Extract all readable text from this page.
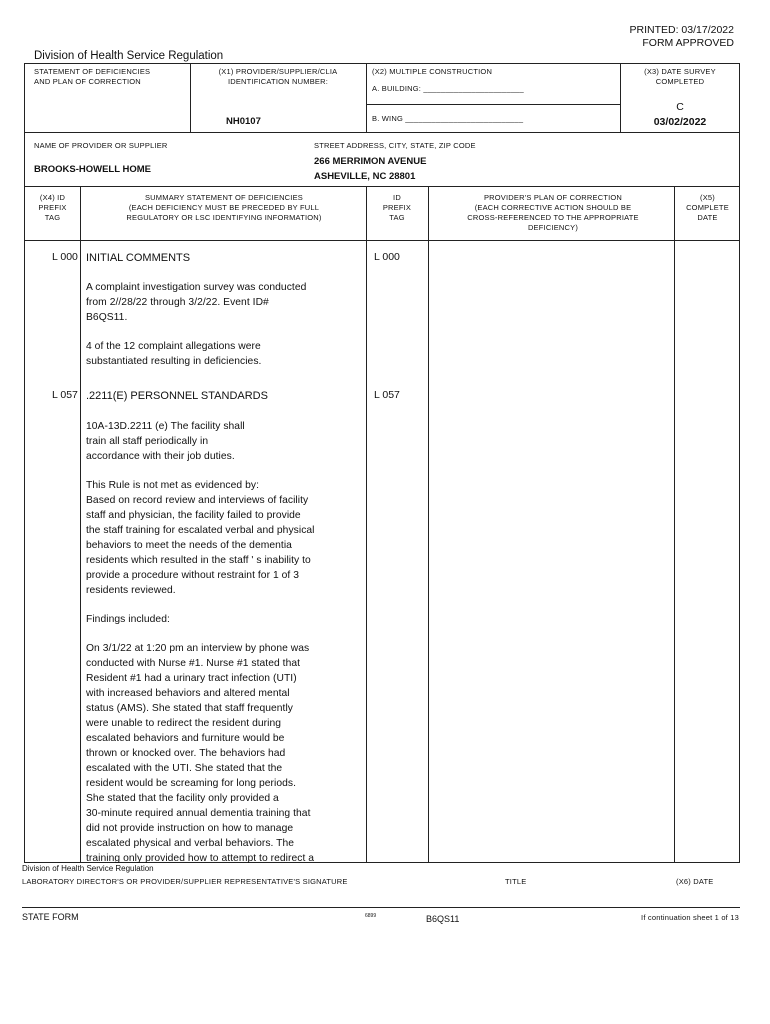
PRINTED: 03/17/2022
FORM APPROVED
Division of Health Service Regulation
STATEMENT OF DEFICIENCIES
AND PLAN OF CORRECTION
(X1) PROVIDER/SUPPLIER/CLIA
IDENTIFICATION NUMBER:
NH0107
(X2) MULTIPLE CONSTRUCTION
A. BUILDING: _______________________
B. WING ___________________________
(X3) DATE SURVEY
COMPLETED
C
03/02/2022
NAME OF PROVIDER OR SUPPLIER
BROOKS-HOWELL HOME
STREET ADDRESS, CITY, STATE, ZIP CODE
266 MERRIMON AVENUE
ASHEVILLE, NC 28801
(X4) ID
PREFIX
TAG
SUMMARY STATEMENT OF DEFICIENCIES
(EACH DEFICIENCY MUST BE PRECEDED BY FULL
REGULATORY OR LSC IDENTIFYING INFORMATION)
ID
PREFIX
TAG
PROVIDER'S PLAN OF CORRECTION
(EACH CORRECTIVE ACTION SHOULD BE
CROSS-REFERENCED TO THE APPROPRIATE
DEFICIENCY)
(X5)
COMPLETE
DATE
L 000	L 000
INITIAL COMMENTS
A complaint investigation survey was conducted
from 2//28/22 through 3/2/22. Event ID#
B6QS11.
4 of the 12 complaint allegations were
substantiated resulting in deficiencies.
L 057	L 057
.2211(E) PERSONNEL STANDARDS
10A-13D.2211 (e) The facility shall
train all staff periodically in
accordance with their job duties.
This Rule is not met as evidenced by:
Based on record review and interviews of facility
staff and physician, the facility failed to provide
the staff training for escalated verbal and physical
behaviors to meet the needs of the dementia
residents which resulted in the staff ' s inability to
provide a procedure without restraint for 1 of 3
residents reviewed.
Findings included:
On 3/1/22 at 1:20 pm an interview by phone was
conducted with Nurse #1. Nurse #1 stated that
Resident #1 had a urinary tract infection (UTI)
with increased behaviors and altered mental
status (AMS). She stated that staff frequently
were unable to redirect the resident during
escalated behaviors and furniture would be
thrown or knocked over. The behaviors had
escalated with the UTI. She stated that the
resident would be screaming for long periods.
She stated that the facility only provided a
30-minute required annual dementia training that
did not provide instruction on how to manage
escalated physical and verbal behaviors. The
training only provided how to attempt to redirect a
Division of Health Service Regulation
LABORATORY DIRECTOR'S OR PROVIDER/SUPPLIER REPRESENTATIVE'S SIGNATURE	TITLE	(X6) DATE
STATE FORM	6899	B6QS11	If continuation sheet 1 of 13
